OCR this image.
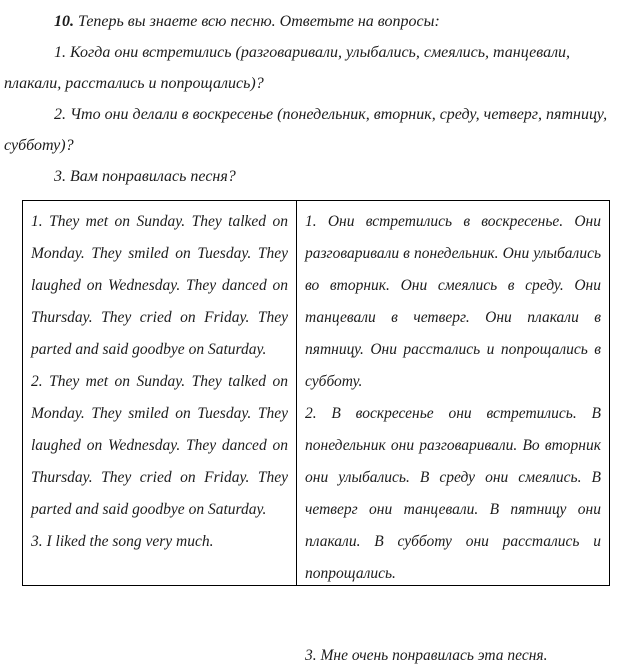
10. Теперь вы знаете всю песню. Ответьте на вопросы:

1. Когда они встретились (разговаривали, улыбались, смеялись, танцевали, плакали, расстались и попрощались)?

2. Что они делали в воскресенье (понедельник, вторник, среду, четверг, пятницу, субботу)?

3. Вам понравилась песня?

1. They met on Sunday. They talked on Monday. They smiled on Tuesday. They laughed on Wednesday. They danced on Thursday. They cried on Friday. They parted and said goodbye on Saturday.

2. They met on Sunday. They talked on Monday. They smiled on Tuesday. They laughed on Wednesday. They danced on Thursday. They cried on Friday. They parted and said goodbye on Saturday.

3. I liked the song very much.

1. Они встретились в воскресенье. Они разговаривали в понедельник. Они улыбались во вторник. Они смеялись в среду. Они танцевали в четверг. Они плакали в пятницу. Они расстались и попрощались в субботу.

2. В воскресенье они встретились. В понедельник они разговаривали. Во вторник они улыбались. В среду они смеялись. В четверг они танцевали. В пятницу они плакали. В субботу они расстались и попрощались.

3. Мне очень понравилась эта песня.
